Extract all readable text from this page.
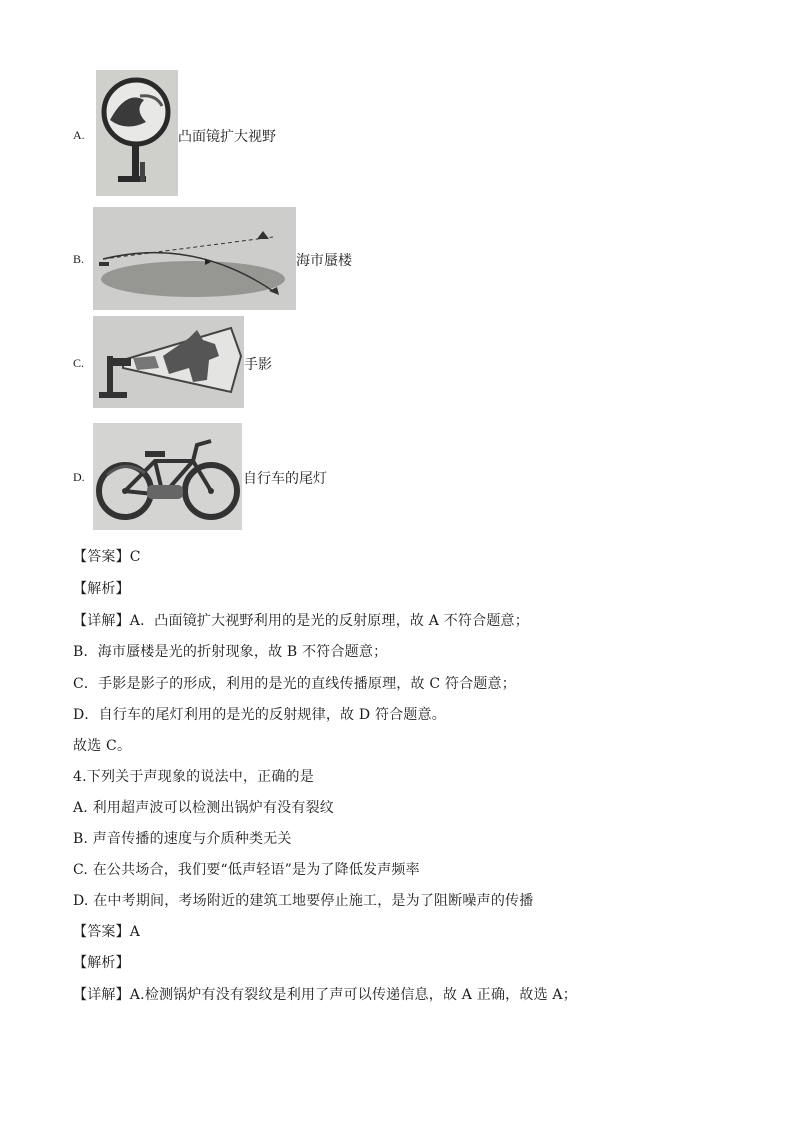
A.	凸面镜扩大视野
B.	海市蜃楼
C.	手影
D.	自行车的尾灯
【答案】C
【解析】
【详解】A．凸面镜扩大视野利用的是光的反射原理，故 A 不符合题意；
B．海市蜃楼是光的折射现象，故 B 不符合题意；
C．手影是影子的形成，利用的是光的直线传播原理，故 C 符合题意；
D．自行车的尾灯利用的是光的反射规律，故 D 符合题意。
故选 C。
4.下列关于声现象的说法中，正确的是
A. 利用超声波可以检测出锅炉有没有裂纹
B. 声音传播的速度与介质种类无关
C. 在公共场合，我们要“低声轻语”是为了降低发声频率
D. 在中考期间，考场附近的建筑工地要停止施工，是为了阻断噪声的传播
【答案】A
【解析】
【详解】A.检测锅炉有没有裂纹是利用了声可以传递信息，故 A 正确，故选 A；
